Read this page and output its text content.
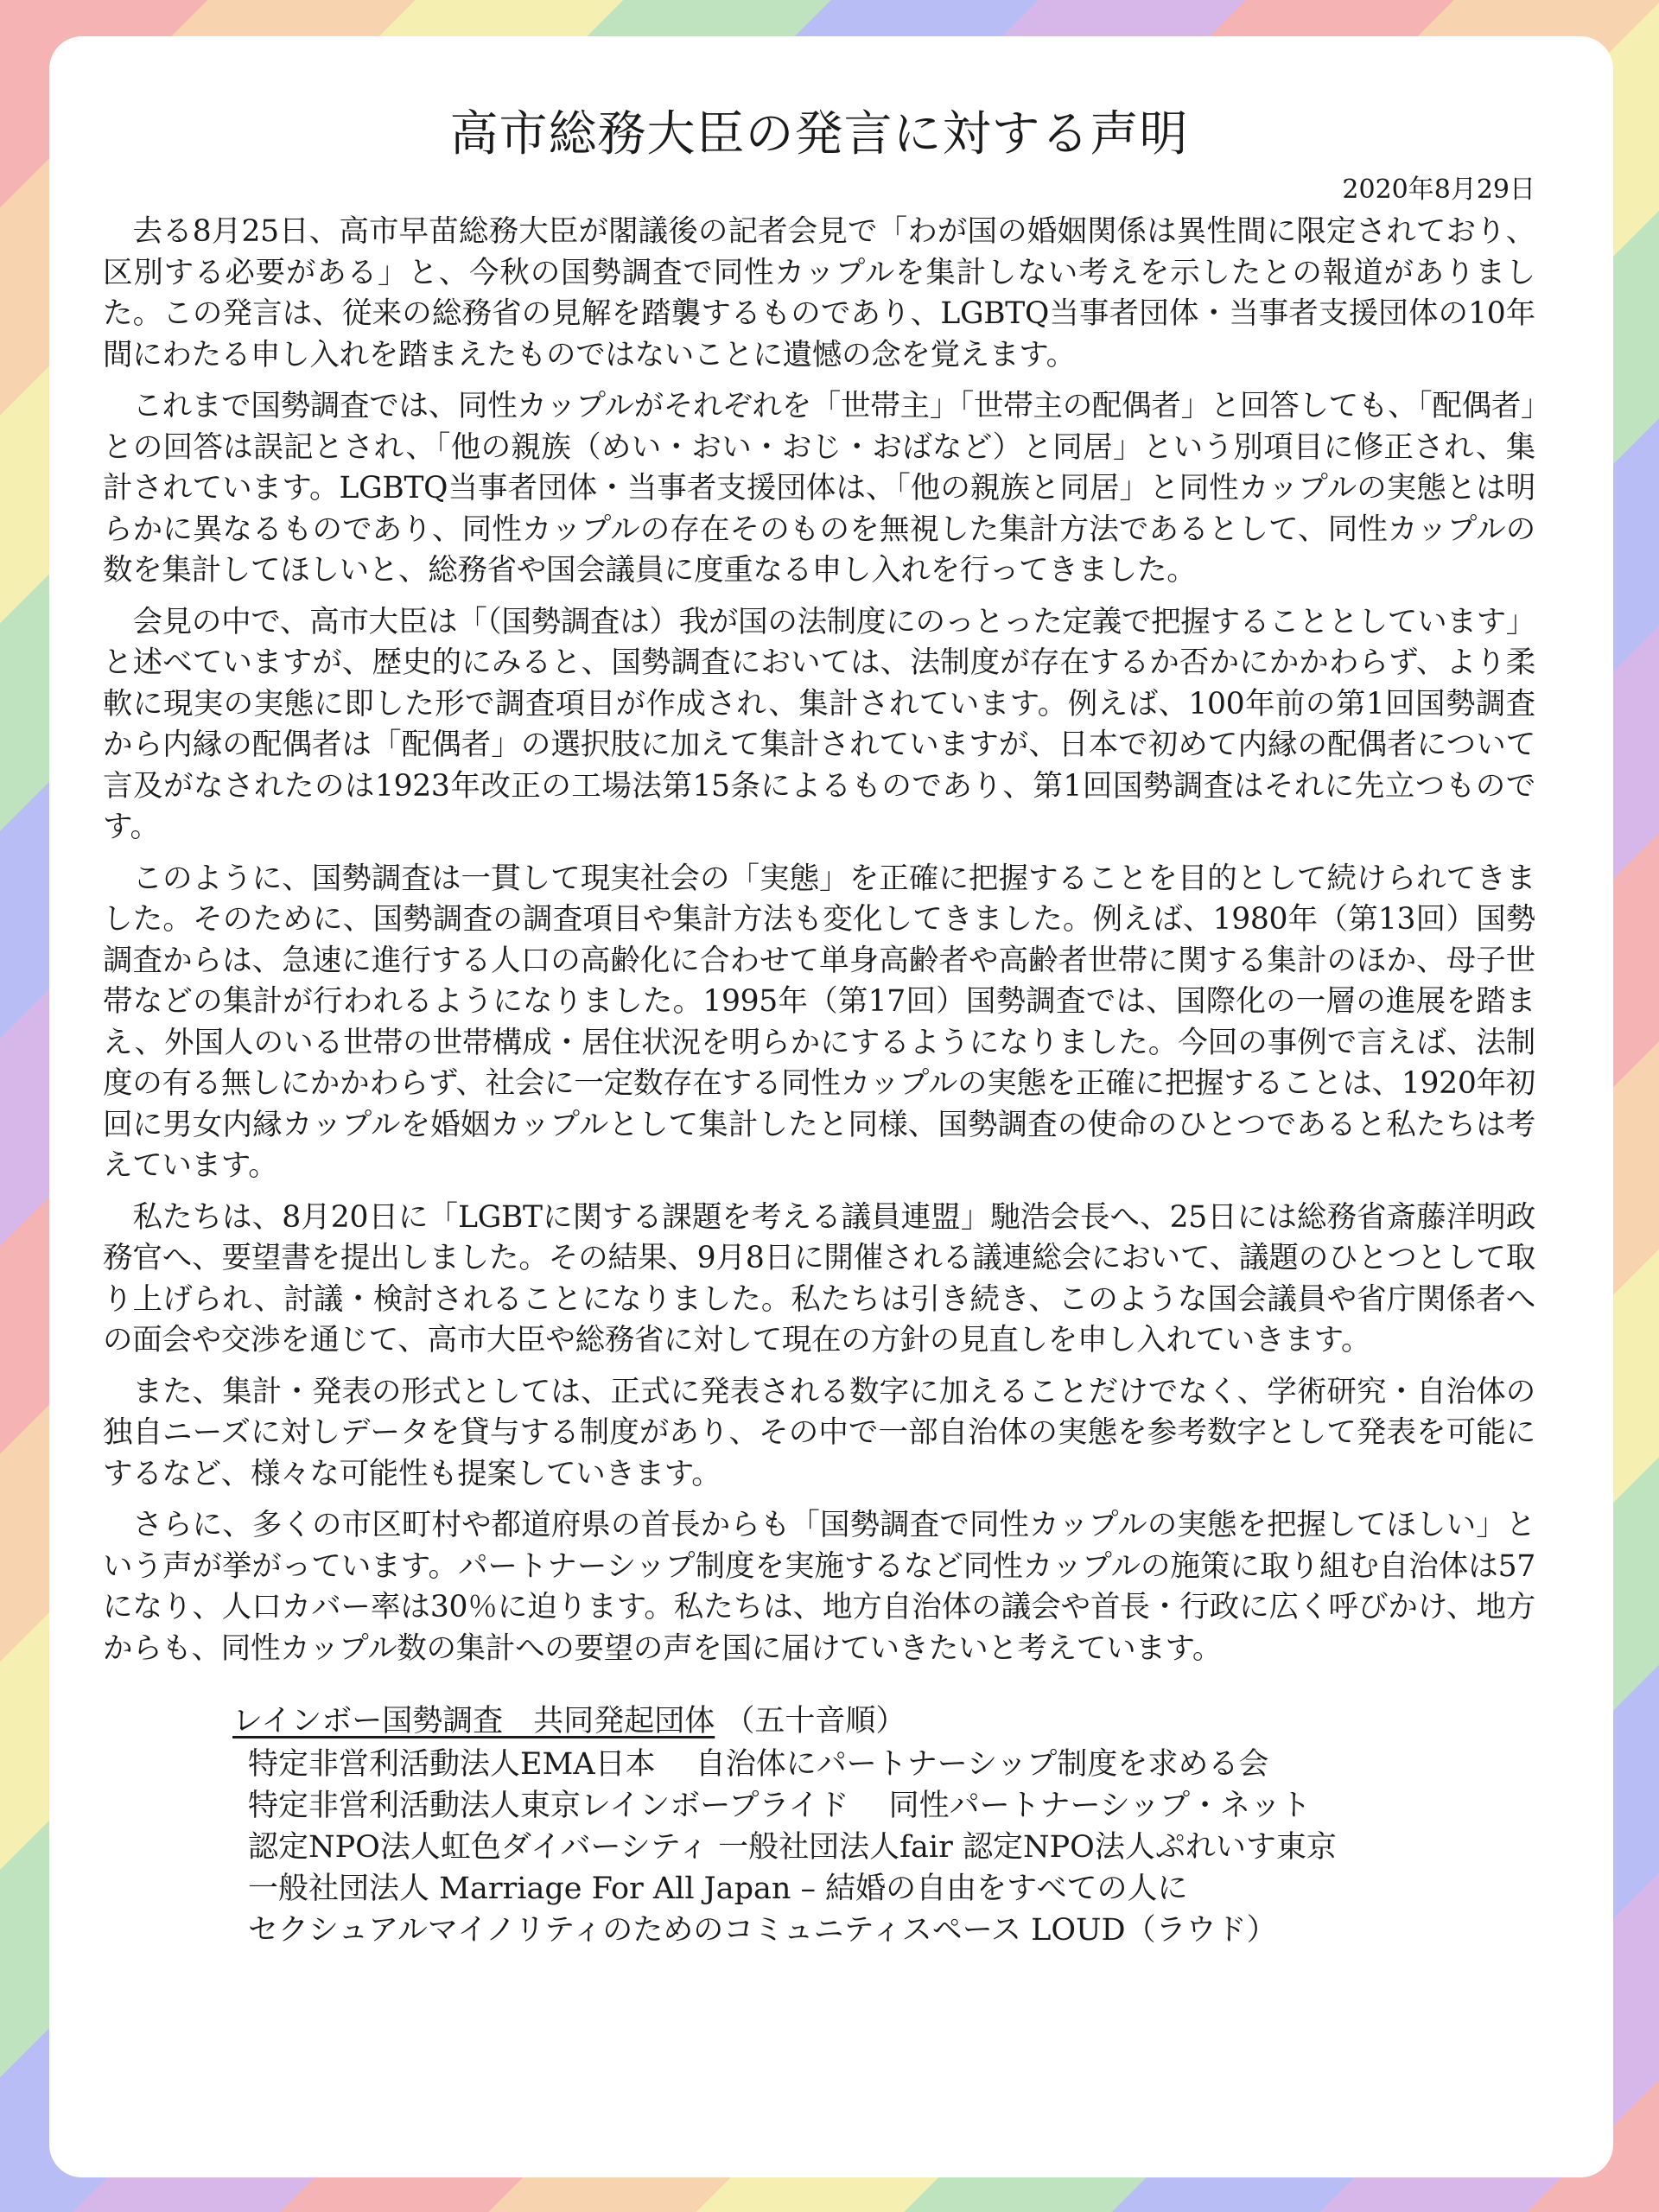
高市総務大臣の発言に対する声明
2020年8月29日

去る8月25日、高市早苗総務大臣が閣議後の記者会見で「わが国の婚姻関係は異性間に限定されており、区別する必要がある」と、今秋の国勢調査で同性カップルを集計しない考えを示したとの報道がありました。この発言は、従来の総務省の見解を踏襲するものであり、LGBTQ当事者団体・当事者支援団体の10年間にわたる申し入れを踏まえたものではないことに遺憾の念を覚えます。

これまで国勢調査では、同性カップルがそれぞれを「世帯主」「世帯主の配偶者」と回答しても、「配偶者」との回答は誤記とされ、「他の親族（めい・おい・おじ・おばなど）と同居」という別項目に修正され、集計されています。LGBTQ当事者団体・当事者支援団体は、「他の親族と同居」と同性カップルの実態とは明らかに異なるものであり、同性カップルの存在そのものを無視した集計方法であるとして、同性カップルの数を集計してほしいと、総務省や国会議員に度重なる申し入れを行ってきました。

会見の中で、高市大臣は「（国勢調査は）我が国の法制度にのっとった定義で把握することとしています」と述べていますが、歴史的にみると、国勢調査においては、法制度が存在するか否かにかかわらず、より柔軟に現実の実態に即した形で調査項目が作成され、集計されています。例えば、100年前の第1回国勢調査から内縁の配偶者は「配偶者」の選択肢に加えて集計されていますが、日本で初めて内縁の配偶者について言及がなされたのは1923年改正の工場法第15条によるものであり、第1回国勢調査はそれに先立つものです。

このように、国勢調査は一貫して現実社会の「実態」を正確に把握することを目的として続けられてきました。そのために、国勢調査の調査項目や集計方法も変化してきました。例えば、1980年（第13回）国勢調査からは、急速に進行する人口の高齢化に合わせて単身高齢者や高齢者世帯に関する集計のほか、母子世帯などの集計が行われるようになりました。1995年（第17回）国勢調査では、国際化の一層の進展を踏まえ、外国人のいる世帯の世帯構成・居住状況を明らかにするようになりました。今回の事例で言えば、法制度の有る無しにかかわらず、社会に一定数存在する同性カップルの実態を正確に把握することは、1920年初回に男女内縁カップルを婚姻カップルとして集計したと同様、国勢調査の使命のひとつであると私たちは考えています。

私たちは、8月20日に「LGBTに関する課題を考える議員連盟」馳浩会長へ、25日には総務省斎藤洋明政務官へ、要望書を提出しました。その結果、9月8日に開催される議連総会において、議題のひとつとして取り上げられ、討議・検討されることになりました。私たちは引き続き、このような国会議員や省庁関係者への面会や交渉を通じて、高市大臣や総務省に対して現在の方針の見直しを申し入れていきます。

また、集計・発表の形式としては、正式に発表される数字に加えることだけでなく、学術研究・自治体の独自ニーズに対しデータを貸与する制度があり、その中で一部自治体の実態を参考数字として発表を可能にするなど、様々な可能性も提案していきます。

さらに、多くの市区町村や都道府県の首長からも「国勢調査で同性カップルの実態を把握してほしい」という声が挙がっています。パートナーシップ制度を実施するなど同性カップルの施策に取り組む自治体は57になり、人口カバー率は30％に迫ります。私たちは、地方自治体の議会や首長・行政に広く呼びかけ、地方からも、同性カップル数の集計への要望の声を国に届けていきたいと考えています。

レインボー国勢調査　共同発起団体 （五十音順）

特定非営利活動法人EMA日本　 自治体にパートナーシップ制度を求める会
特定非営利活動法人東京レインボープライド　 同性パートナーシップ・ネット
認定NPO法人虹色ダイバーシティ 一般社団法人fair 認定NPO法人ぷれいす東京
一般社団法人 Marriage For All Japan – 結婚の自由をすべての人に
セクシュアルマイノリティのためのコミュニティスペース LOUD（ラウド）
